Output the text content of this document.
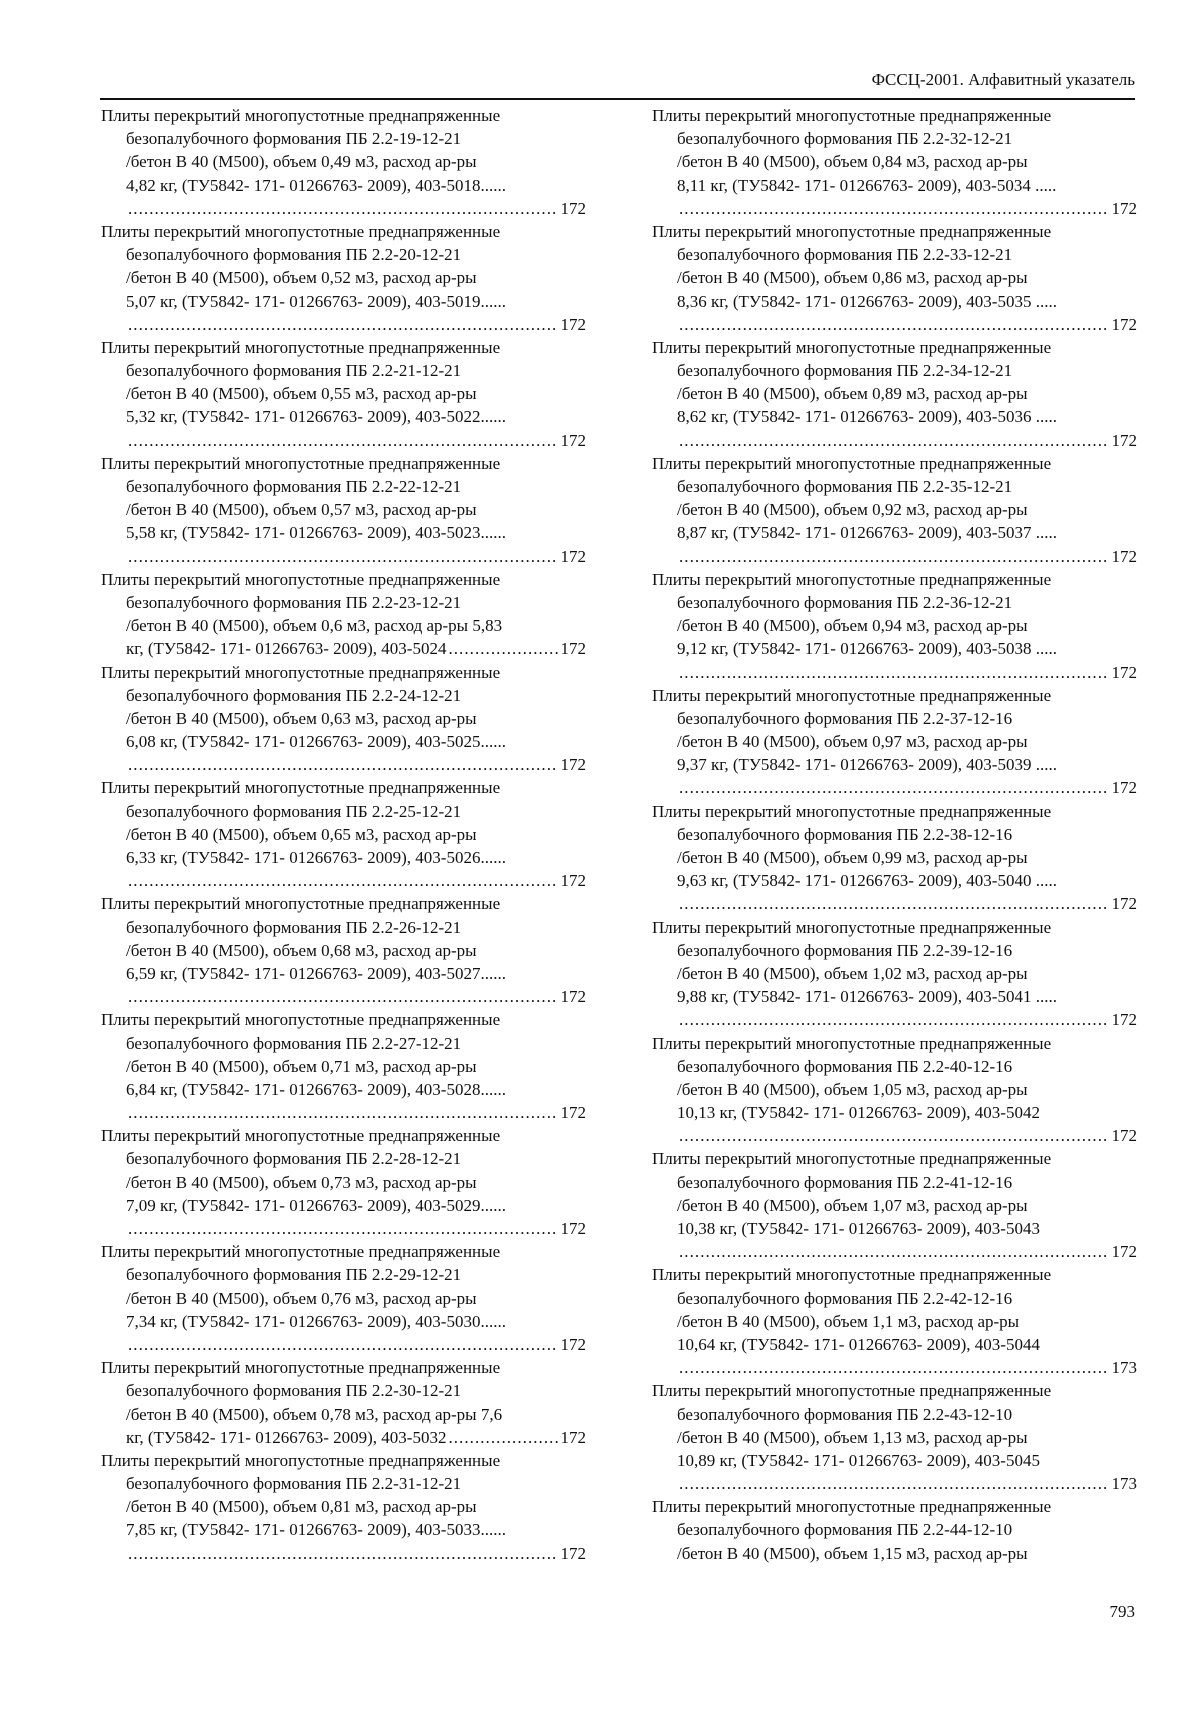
ФССЦ-2001. Алфавитный указатель
Плиты перекрытий многопустотные преднапряженные
безопалубочного формования ПБ 2.2-19-12-21
/бетон В 40 (М500), объем 0,49 м3, расход ар-ры
4,82 кг, (ТУ5842- 171- 01266763- 2009), 403-5018......
. . .
172
Плиты перекрытий многопустотные преднапряженные
безопалубочного формования ПБ 2.2-20-12-21
/бетон В 40 (М500), объем 0,52 м3, расход ар-ры
5,07 кг, (ТУ5842- 171- 01266763- 2009), 403-5019......
. . .
172
Плиты перекрытий многопустотные преднапряженные
безопалубочного формования ПБ 2.2-21-12-21
/бетон В 40 (М500), объем 0,55 м3, расход ар-ры
5,32 кг, (ТУ5842- 171- 01266763- 2009), 403-5022......
. . .
172
Плиты перекрытий многопустотные преднапряженные
безопалубочного формования ПБ 2.2-22-12-21
/бетон В 40 (М500), объем 0,57 м3, расход ар-ры
5,58 кг, (ТУ5842- 171- 01266763- 2009), 403-5023......
. . .
172
Плиты перекрытий многопустотные преднапряженные
безопалубочного формования ПБ 2.2-23-12-21
/бетон В 40 (М500), объем 0,6 м3, расход ар-ры 5,83
кг, (ТУ5842- 171- 01266763- 2009), 403-5024 . . .	172
Плиты перекрытий многопустотные преднапряженные
безопалубочного формования ПБ 2.2-24-12-21
/бетон В 40 (М500), объем 0,63 м3, расход ар-ры
6,08 кг, (ТУ5842- 171- 01266763- 2009), 403-5025......
. . .
172
Плиты перекрытий многопустотные преднапряженные
безопалубочного формования ПБ 2.2-25-12-21
/бетон В 40 (М500), объем 0,65 м3, расход ар-ры
6,33 кг, (ТУ5842- 171- 01266763- 2009), 403-5026......
. . .
172
Плиты перекрытий многопустотные преднапряженные
безопалубочного формования ПБ 2.2-26-12-21
/бетон В 40 (М500), объем 0,68 м3, расход ар-ры
6,59 кг, (ТУ5842- 171- 01266763- 2009), 403-5027......
. . .
172
Плиты перекрытий многопустотные преднапряженные
безопалубочного формования ПБ 2.2-27-12-21
/бетон В 40 (М500), объем 0,71 м3, расход ар-ры
6,84 кг, (ТУ5842- 171- 01266763- 2009), 403-5028......
. . .
172
Плиты перекрытий многопустотные преднапряженные
безопалубочного формования ПБ 2.2-28-12-21
/бетон В 40 (М500), объем 0,73 м3, расход ар-ры
7,09 кг, (ТУ5842- 171- 01266763- 2009), 403-5029......
. . .
172
Плиты перекрытий многопустотные преднапряженные
безопалубочного формования ПБ 2.2-29-12-21
/бетон В 40 (М500), объем 0,76 м3, расход ар-ры
7,34 кг, (ТУ5842- 171- 01266763- 2009), 403-5030......
. . .
172
Плиты перекрытий многопустотные преднапряженные
безопалубочного формования ПБ 2.2-30-12-21
/бетон В 40 (М500), объем 0,78 м3, расход ар-ры 7,6
кг, (ТУ5842- 171- 01266763- 2009), 403-5032 . . .	172
Плиты перекрытий многопустотные преднапряженные
безопалубочного формования ПБ 2.2-31-12-21
/бетон В 40 (М500), объем 0,81 м3, расход ар-ры
7,85 кг, (ТУ5842- 171- 01266763- 2009), 403-5033......
. . .
172
Плиты перекрытий многопустотные преднапряженные
безопалубочного формования ПБ 2.2-32-12-21
/бетон В 40 (М500), объем 0,84 м3, расход ар-ры
8,11 кг, (ТУ5842- 171- 01266763- 2009), 403-5034 .....
. . .
172
Плиты перекрытий многопустотные преднапряженные
безопалубочного формования ПБ 2.2-33-12-21
/бетон В 40 (М500), объем 0,86 м3, расход ар-ры
8,36 кг, (ТУ5842- 171- 01266763- 2009), 403-5035 .....
. . .
172
Плиты перекрытий многопустотные преднапряженные
безопалубочного формования ПБ 2.2-34-12-21
/бетон В 40 (М500), объем 0,89 м3, расход ар-ры
8,62 кг, (ТУ5842- 171- 01266763- 2009), 403-5036 .....
. . .
172
Плиты перекрытий многопустотные преднапряженные
безопалубочного формования ПБ 2.2-35-12-21
/бетон В 40 (М500), объем 0,92 м3, расход ар-ры
8,87 кг, (ТУ5842- 171- 01266763- 2009), 403-5037 .....
. . .
172
Плиты перекрытий многопустотные преднапряженные
безопалубочного формования ПБ 2.2-36-12-21
/бетон В 40 (М500), объем 0,94 м3, расход ар-ры
9,12 кг, (ТУ5842- 171- 01266763- 2009), 403-5038 .....
. . .
172
Плиты перекрытий многопустотные преднапряженные
безопалубочного формования ПБ 2.2-37-12-16
/бетон В 40 (М500), объем 0,97 м3, расход ар-ры
9,37 кг, (ТУ5842- 171- 01266763- 2009), 403-5039 .....
. . .
172
Плиты перекрытий многопустотные преднапряженные
безопалубочного формования ПБ 2.2-38-12-16
/бетон В 40 (М500), объем 0,99 м3, расход ар-ры
9,63 кг, (ТУ5842- 171- 01266763- 2009), 403-5040 .....
. . .
172
Плиты перекрытий многопустотные преднапряженные
безопалубочного формования ПБ 2.2-39-12-16
/бетон В 40 (М500), объем 1,02 м3, расход ар-ры
9,88 кг, (ТУ5842- 171- 01266763- 2009), 403-5041 .....
. . .
172
Плиты перекрытий многопустотные преднапряженные
безопалубочного формования ПБ 2.2-40-12-16
/бетон В 40 (М500), объем 1,05 м3, расход ар-ры
10,13 кг, (ТУ5842- 171- 01266763- 2009), 403-5042
. . .
172
Плиты перекрытий многопустотные преднапряженные
безопалубочного формования ПБ 2.2-41-12-16
/бетон В 40 (М500), объем 1,07 м3, расход ар-ры
10,38 кг, (ТУ5842- 171- 01266763- 2009), 403-5043
. . .
172
Плиты перекрытий многопустотные преднапряженные
безопалубочного формования ПБ 2.2-42-12-16
/бетон В 40 (М500), объем 1,1 м3, расход ар-ры
10,64 кг, (ТУ5842- 171- 01266763- 2009), 403-5044
. . .
173
Плиты перекрытий многопустотные преднапряженные
безопалубочного формования ПБ 2.2-43-12-10
/бетон В 40 (М500), объем 1,13 м3, расход ар-ры
10,89 кг, (ТУ5842- 171- 01266763- 2009), 403-5045
. . .
173
Плиты перекрытий многопустотные преднапряженные
безопалубочного формования ПБ 2.2-44-12-10
/бетон В 40 (М500), объем 1,15 м3, расход ар-ры
793
